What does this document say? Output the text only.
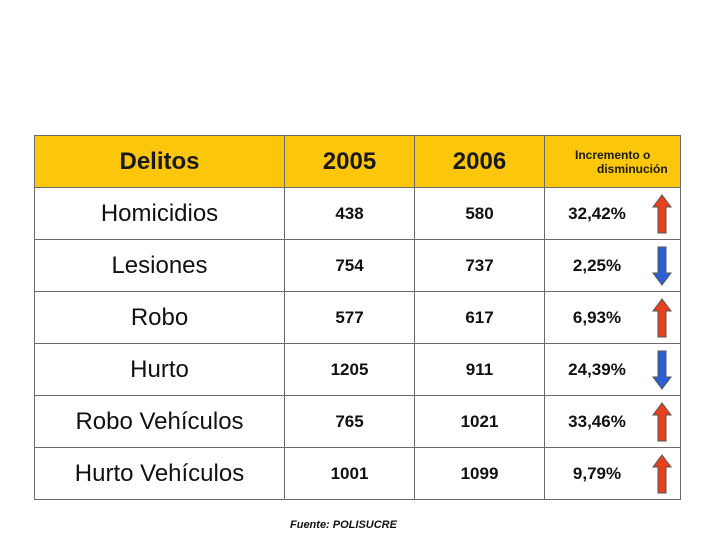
Delitos	2005	2006	Incremento o
disminución

Homicidios	438	580	32,42%

Lesiones	754	737	2,25%

Robo	577	617	6,93%

Hurto	1205	911	24,39%

Robo Vehículos	765	1021	33,46%

Hurto Vehículos	1001	1099	9,79%
Fuente: POLISUCRE
